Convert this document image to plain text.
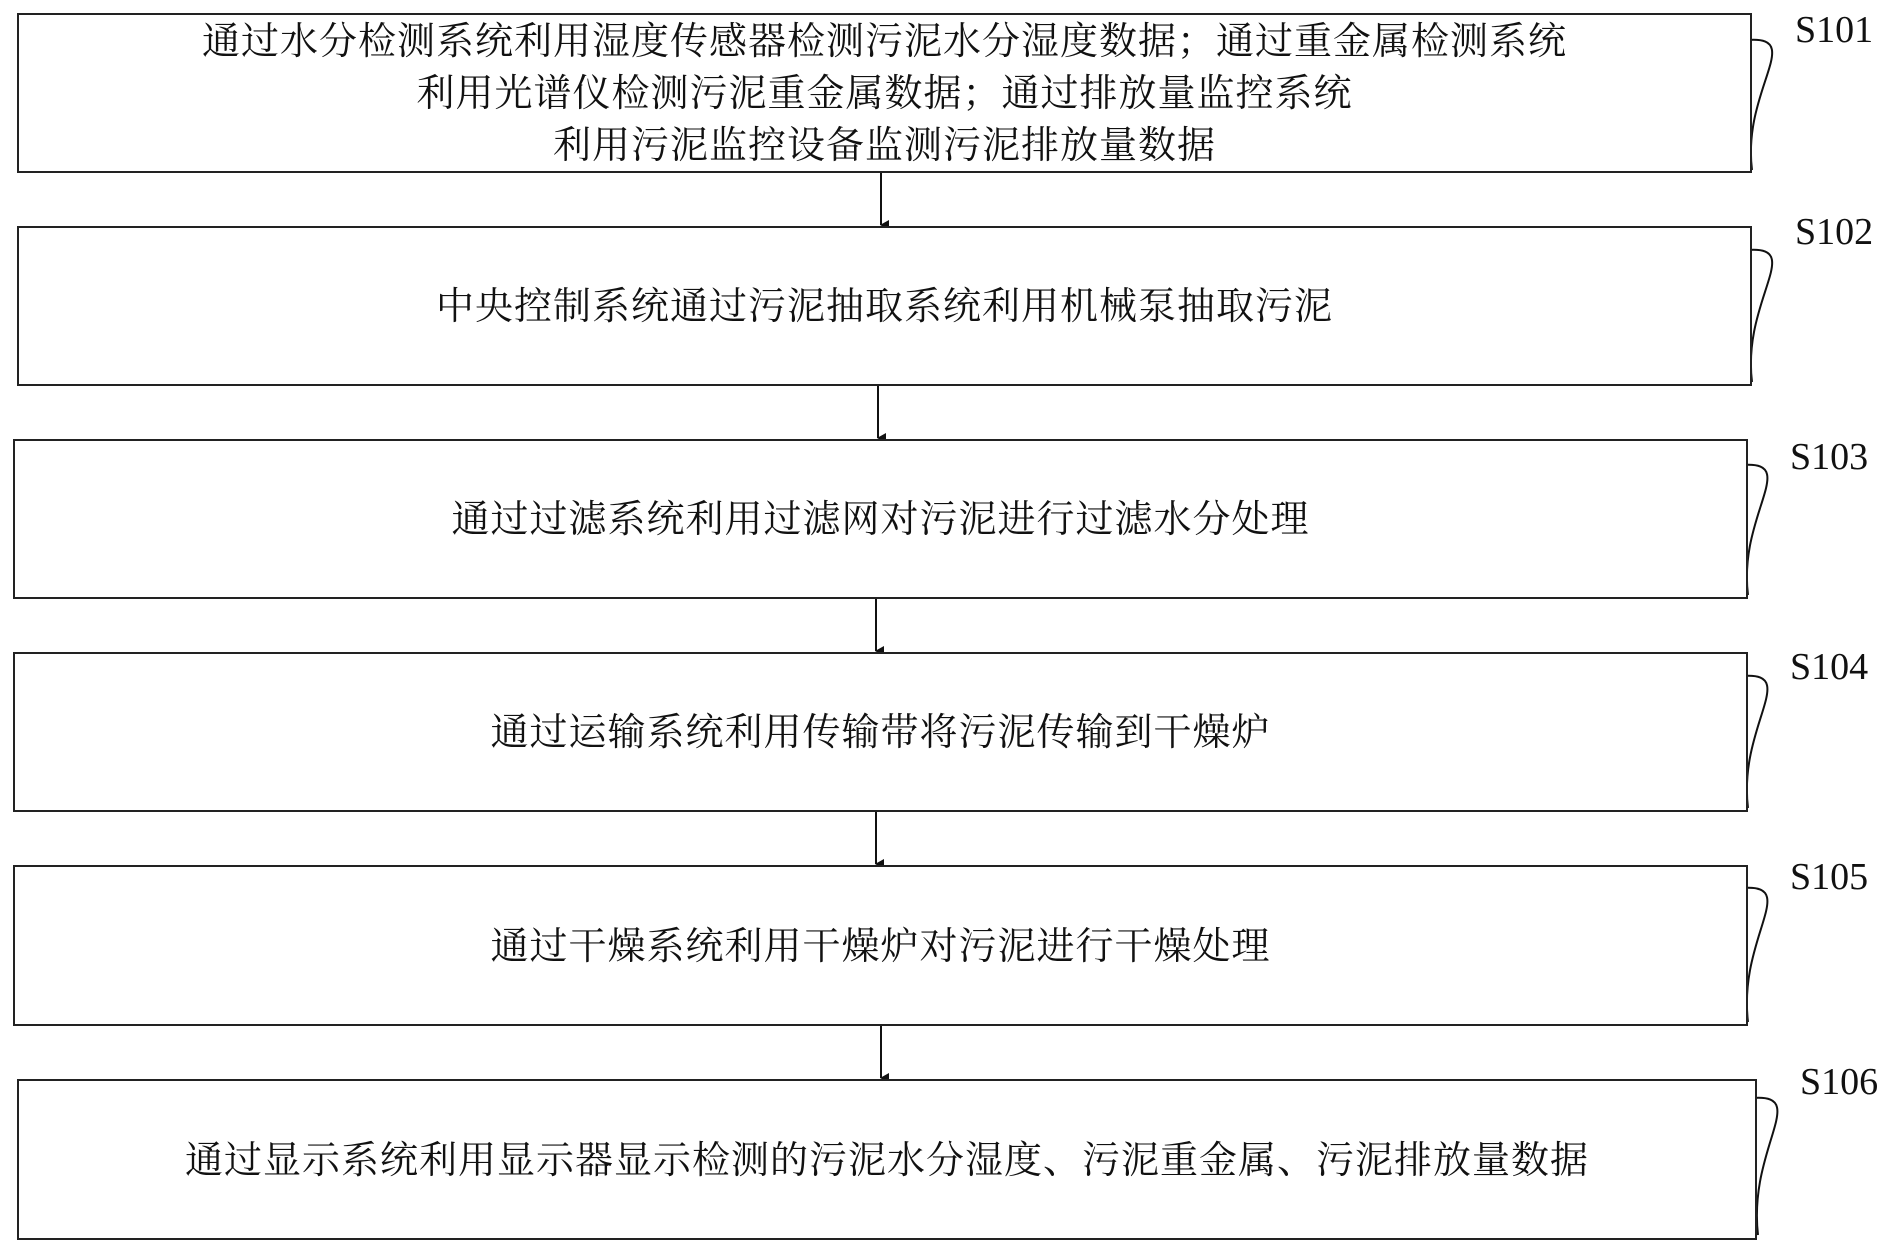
通过水分检测系统利用湿度传感器检测污泥水分湿度数据；通过重金属检测系统
利用光谱仪检测污泥重金属数据；通过排放量监控系统
利用污泥监控设备监测污泥排放量数据
中央控制系统通过污泥抽取系统利用机械泵抽取污泥
通过过滤系统利用过滤网对污泥进行过滤水分处理
通过运输系统利用传输带将污泥传输到干燥炉
通过干燥系统利用干燥炉对污泥进行干燥处理
通过显示系统利用显示器显示检测的污泥水分湿度、污泥重金属、污泥排放量数据
S101
S102
S103
S104
S105
S106
